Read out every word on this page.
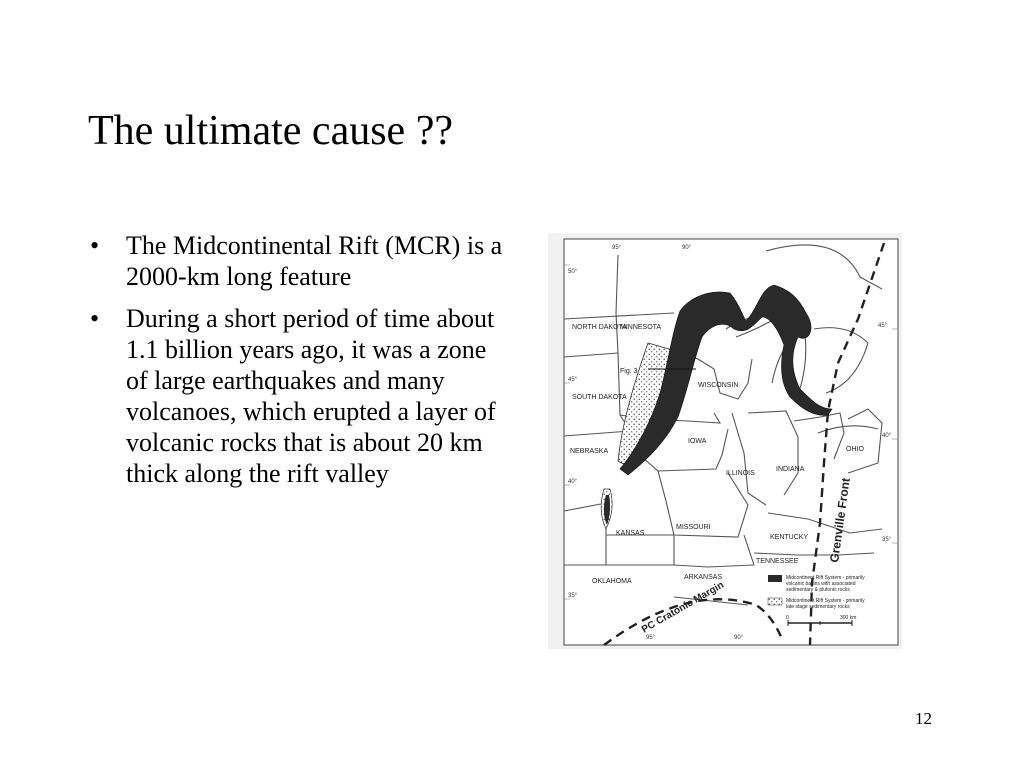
The ultimate cause ??
• The Midcontinental Rift (MCR) is a 2000-km long feature
• During a short period of time about 1.1 billion years ago, it was a zone of large earthquakes and many volcanoes, which erupted a layer of volcanic rocks that is about 20 km thick along the rift valley
NORTH DAKOTA
MINNESOTA
SOUTH DAKOTA
WISCONSIN
NEBRASKA
IOWA
ILLINOIS
INDIANA
OHIO
KANSAS
MISSOURI
KENTUCKY
TENNESSEE
OKLAHOMA
ARKANSAS
Fig. 3
Grenville Front
PC Cratonic Margin
95°	90°
50°
45°
45°
40°
40°
35°
35°
95°	90°
Midcontinent Rift System - primarily
volcanic basins with associated
sedimentary & plutonic rocks
Midcontinent Rift System - primarily
late stage sedimentary rocks
0	300 km
12
